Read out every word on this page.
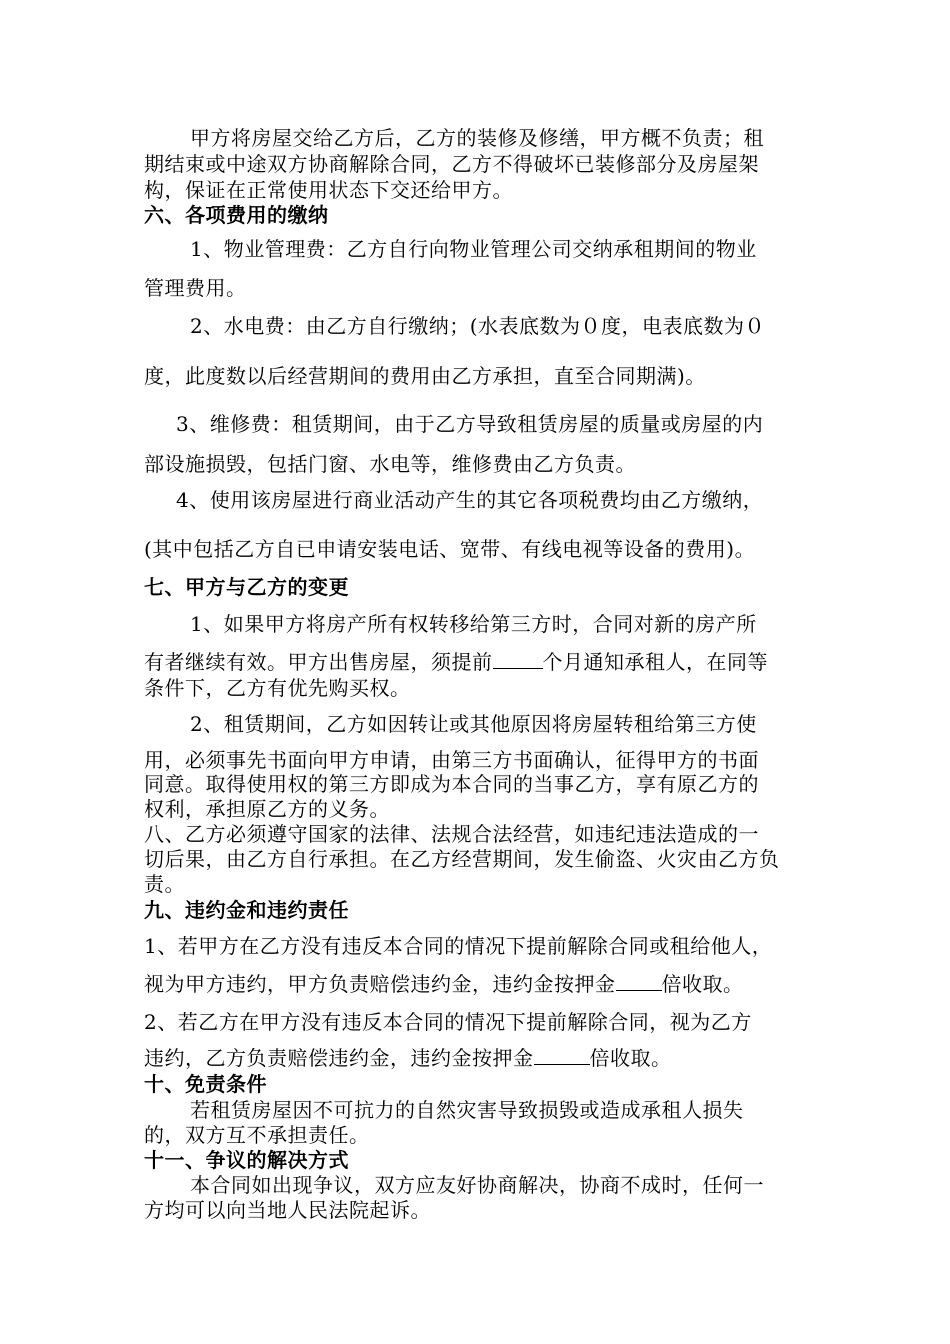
甲方将房屋交给乙方后，乙方的装修及修缮，甲方概不负责；租
期结束或中途双方协商解除合同，乙方不得破坏已装修部分及房屋架
构，保证在正常使用状态下交还给甲方。
六、各项费用的缴纳
1、物业管理费：乙方自行向物业管理公司交纳承租期间的物业
管理费用。
2、水电费：由乙方自行缴纳；(水表底数为０度，电表底数为０
度，此度数以后经营期间的费用由乙方承担，直至合同期满)。
3、维修费：租赁期间，由于乙方导致租赁房屋的质量或房屋的内
部设施损毁，包括门窗、水电等，维修费由乙方负责。
4、使用该房屋进行商业活动产生的其它各项税费均由乙方缴纳，
(其中包括乙方自已申请安装电话、宽带、有线电视等设备的费用)。
七、甲方与乙方的变更
1、如果甲方将房产所有权转移给第三方时，合同对新的房产所
有者继续有效。甲方出售房屋，须提前	个月通知承租人，在同等
条件下，乙方有优先购买权。
2、租赁期间，乙方如因转让或其他原因将房屋转租给第三方使
用，必须事先书面向甲方申请，由第三方书面确认，征得甲方的书面
同意。取得使用权的第三方即成为本合同的当事乙方，享有原乙方的
权利，承担原乙方的义务。
八、乙方必须遵守国家的法律、法规合法经营，如违纪违法造成的一
切后果，由乙方自行承担。在乙方经营期间，发生偷盗、火灾由乙方负
责。
九、违约金和违约责任
1、若甲方在乙方没有违反本合同的情况下提前解除合同或租给他人，
视为甲方违约，甲方负责赔偿违约金，违约金按押金 倍收取。
2、若乙方在甲方没有违反本合同的情况下提前解除合同，视为乙方
违约，乙方负责赔偿违约金，违约金按押金	倍收取。
十、免责条件
若租赁房屋因不可抗力的自然灾害导致损毁或造成承租人损失
的，双方互不承担责任。
十一、争议的解决方式
本合同如出现争议，双方应友好协商解决，协商不成时，任何一
方均可以向当地人民法院起诉。
